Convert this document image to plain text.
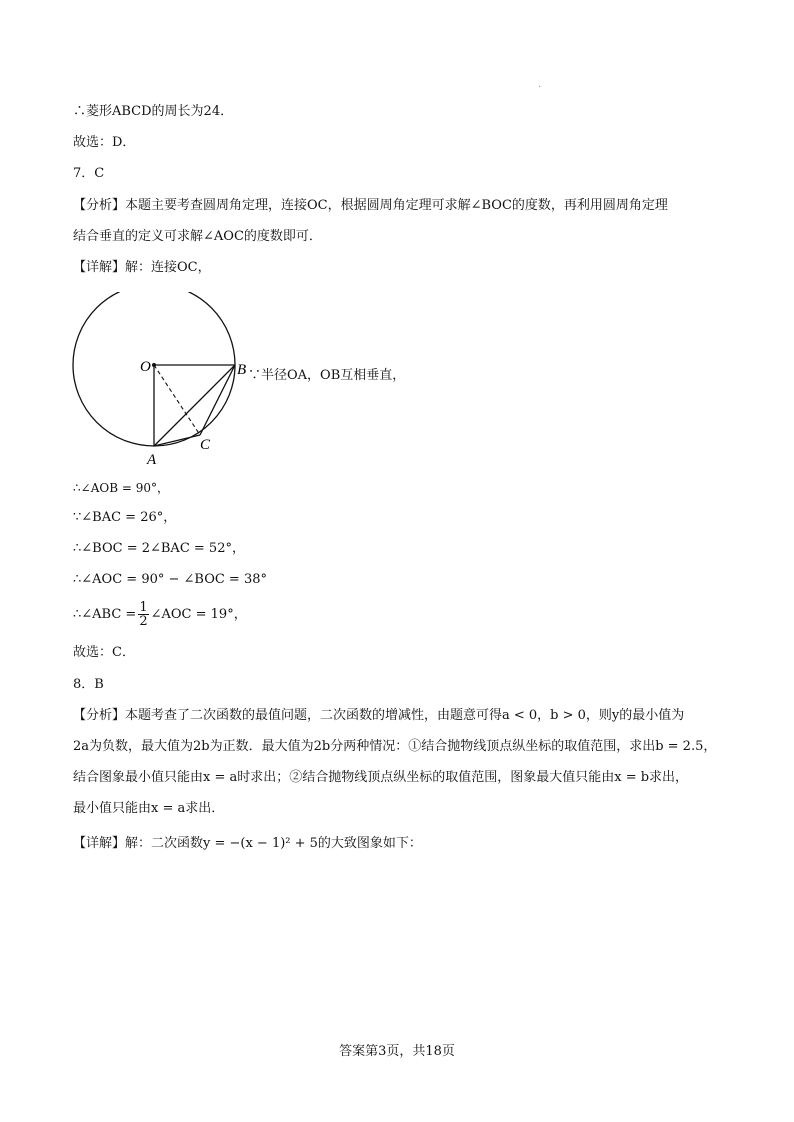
·
∴菱形ABCD的周长为24．
故选：D．
7．C
【分析】本题主要考查圆周角定理，连接OC，根据圆周角定理可求解∠BOC的度数，再利用圆周角定理
结合垂直的定义可求解∠AOC的度数即可．
【详解】解：连接OC，
O	B
A
C
∵半径OA，OB互相垂直，
∴∠AOB = 90°，
∵∠BAC = 26°，
∴∠BOC = 2∠BAC = 52°，
∴∠AOC = 90° − ∠BOC = 38°
∴∠ABC = $\frac{1}{2}$ ∠AOC = 19°，
故选：C．
8．B
【分析】本题考查了二次函数的最值问题，二次函数的增减性，由题意可得a < 0，b > 0，则y的最小值为
2a为负数，最大值为2b为正数．最大值为2b分两种情况：①结合抛物线顶点纵坐标的取值范围，求出b = 2.5，
结合图象最小值只能由x = a时求出；②结合抛物线顶点纵坐标的取值范围，图象最大值只能由x = b求出，
最小值只能由x = a求出．
【详解】解：二次函数y = −(x − 1)² + 5的大致图象如下：
答案第3页，共18页
